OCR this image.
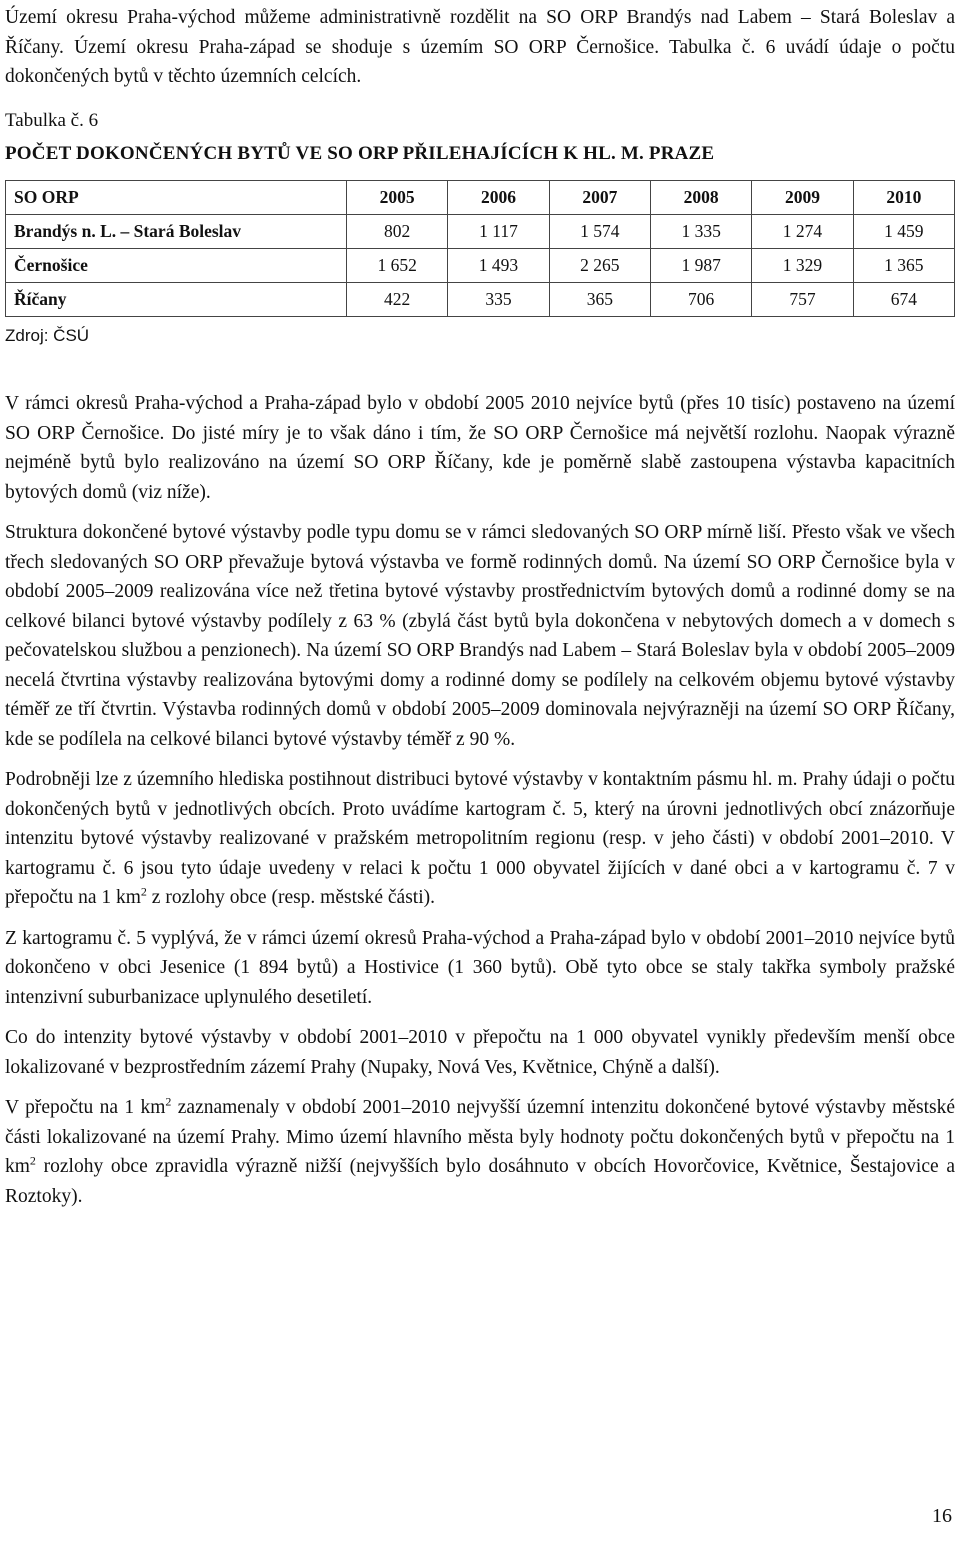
Území okresu Praha-východ můžeme administrativně rozdělit na SO ORP Brandýs nad Labem – Stará Boleslav a Říčany. Území okresu Praha-západ se shoduje s územím SO ORP Černošice. Tabulka č. 6 uvádí údaje o počtu dokončených bytů v těchto územních celcích.

Tabulka č. 6
POČET DOKONČENÝCH BYTŮ VE SO ORP PŘILEHAJÍCÍCH K HL. M. PRAZE
SO ORP	2005	2006	2007	2008	2009	2010
Brandýs n. L. – Stará Boleslav	802	1 117	1 574	1 335	1 274	1 459
Černošice	1 652	1 493	2 265	1 987	1 329	1 365
Říčany	422	335	365	706	757	674
Zdroj: ČSÚ

V rámci okresů Praha-východ a Praha-západ bylo v období 2005 2010 nejvíce bytů (přes 10 tisíc) postaveno na území SO ORP Černošice. Do jisté míry je to však dáno i tím, že SO ORP Černošice má největší rozlohu. Naopak výrazně nejméně bytů bylo realizováno na území SO ORP Říčany, kde je poměrně slabě zastoupena výstavba kapacitních bytových domů (viz níže).

Struktura dokončené bytové výstavby podle typu domu se v rámci sledovaných SO ORP mírně liší. Přesto však ve všech třech sledovaných SO ORP převažuje bytová výstavba ve formě rodinných domů. Na území SO ORP Černošice byla v období 2005–2009 realizována více než třetina bytové výstavby prostřednictvím bytových domů a rodinné domy se na celkové bilanci bytové výstavby podílely z 63 % (zbylá část bytů byla dokončena v nebytových domech a v domech s pečovatelskou službou a penzionech). Na území SO ORP Brandýs nad Labem – Stará Boleslav byla v období 2005–2009 necelá čtvrtina výstavby realizována bytovými domy a rodinné domy se podílely na celkovém objemu bytové výstavby téměř ze tří čtvrtin. Výstavba rodinných domů v období 2005–2009 dominovala nejvýrazněji na území SO ORP Říčany, kde se podílela na celkové bilanci bytové výstavby téměř z 90 %.

Podrobněji lze z územního hlediska postihnout distribuci bytové výstavby v kontaktním pásmu hl. m. Prahy údaji o počtu dokončených bytů v jednotlivých obcích. Proto uvádíme kartogram č. 5, který na úrovni jednotlivých obcí znázorňuje intenzitu bytové výstavby realizované v pražském metropolitním regionu (resp. v jeho části) v období 2001–2010. V kartogramu č. 6 jsou tyto údaje uvedeny v relaci k počtu 1 000 obyvatel žijících v dané obci a v kartogramu č. 7 v přepočtu na 1 $km^2$ z rozlohy obce (resp. městské části).

Z kartogramu č. 5 vyplývá, že v rámci území okresů Praha-východ a Praha-západ bylo v období 2001–2010 nejvíce bytů dokončeno v obci Jesenice (1 894 bytů) a Hostivice (1 360 bytů). Obě tyto obce se staly takřka symboly pražské intenzivní suburbanizace uplynulého desetiletí.

Co do intenzity bytové výstavby v období 2001–2010 v přepočtu na 1 000 obyvatel vynikly především menší obce lokalizované v bezprostředním zázemí Prahy (Nupaky, Nová Ves, Květnice, Chýně a další).

V přepočtu na 1 $km^2$ zaznamenaly v období 2001–2010 nejvyšší územní intenzitu dokončené bytové výstavby městské části lokalizované na území Prahy. Mimo území hlavního města byly hodnoty počtu dokončených bytů v přepočtu na 1 $km^2$ rozlohy obce zpravidla výrazně nižší (nejvyšších bylo dosáhnuto v obcích Hovorčovice, Květnice, Šestajovice a Roztoky).

16
